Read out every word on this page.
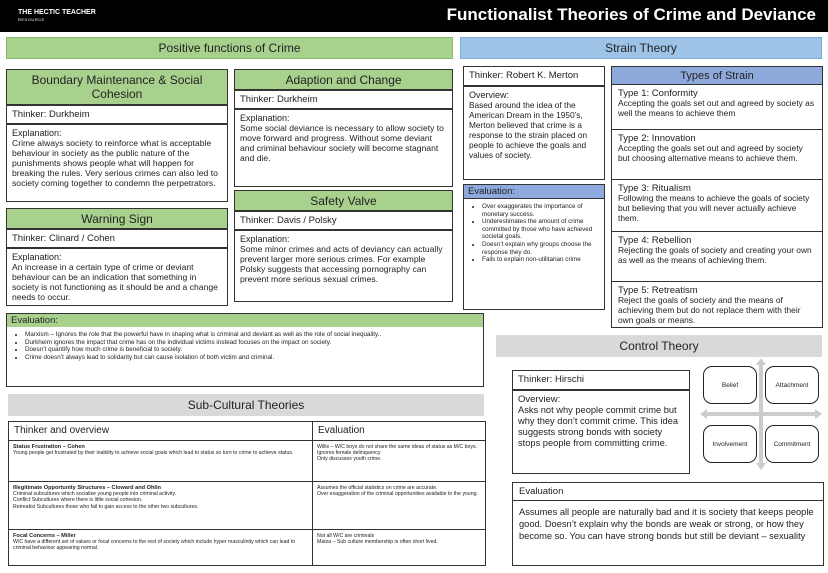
THE HECTIC TEACHER
RESOURCE	Functionalist Theories of Crime and Deviance
Positive functions of Crime
Boundary Maintenance & Social Cohesion
Thinker: Durkheim
Explanation:
Crime always society to reinforce what is acceptable behaviour in society as the public nature of the punishments shows people what will happen for breaking the rules. Very serious crimes can also led to society coming together to condemn the perpetrators.
Adaption and Change
Thinker: Durkheim
Explanation:
Some social deviance is necessary to allow society to move forward and progress. Without some deviant and criminal behaviour society will become stagnant and die.
Warning Sign
Thinker: Clinard / Cohen
Explanation:
An increase in a certain type of crime or deviant behaviour can be an indication that something in society is not functioning as it should be and a change needs to occur.
Safety Valve
Thinker: Davis / Polsky
Explanation:
Some minor crimes and acts of deviancy can actually prevent larger more serious crimes. For example Polsky suggests that accessing pornography can prevent more serious sexual crimes.
Evaluation:
• Marxism – Ignores the role that the powerful have in shaping what is criminal and deviant as well as the role of social inequality..
• Durkheim ignores the impact that crime has on the individual victims instead focuses on the impact on society.
• Doesn’t quantify how much crime is beneficial to society.
• Crime doesn’t always lead to solidarity but can cause isolation of both victim and criminal.
Strain Theory
Thinker: Robert K. Merton
Overview:
Based around the idea of the American Dream in the 1950’s, Merton believed that crime is a response to the strain placed on people to achieve the goals and values of society.
Evaluation:
• Over exaggerates the importance of monetary success.
• Underestimates the amount of crime committed by those who have achieved societal goals.
• Doesn’t explain why groups choose the response they do.
• Fails to explain non-utilitarian crime
Types of Strain
Type 1: Conformity
Accepting the goals set out and agreed by society as well the means to achieve them
Type 2: Innovation
Accepting the goals set out and agreed by society but choosing alternative means to achieve them.
Type 3: Ritualism
Following the means to achieve the goals of society but believing that you will never actually achieve them.
Type 4: Rebellion
Rejecting the goals of society and creating your own as well as the means of achieving them.
Type 5: Retreatism
Reject the goals of society and the means of achieving them but do not replace them with their own goals or means.
Control Theory
Thinker: Hirschi
Overview:
Asks not why people commit crime but why they don’t commit crime. This idea suggests strong bonds with society stops people from committing crime.
Belief	Attachment
Involvement	Commitment
Evaluation
Assumes all people are naturally bad and it is society that keeps people good. Doesn’t explain why the bonds are weak or strong, or how they become so. You can have strong bonds but still be deviant – sexuality
Sub-Cultural Theories
Thinker and overview	Evaluation
Status Frustration – Cohen
Young people get frustrated by their inability to achieve social goals which lead to status so turn to crime to achieve status.	Willis – W/C boys do not share the same ideas of status as M/C boys.
Ignores female delinquency
Only discusses youth crime.
Illegitimate Opportunity Structures – Cloward and Ohlin
Criminal subcultures which socialise young people into criminal activity.
Conflict Subcultures where there is little social cohesion.
Retreatist Subcultures those who fail to gain access to the other two subcultures.	Assumes the official statistics on crime are accurate.
Over exaggeration of the criminal opportunities available to the young.
Focal Concerns – Miller
W/C have a different set of values or focal concerns to the rest of society which include hyper masculinity which can lead to criminal behaviour appearing normal.	Not all W/C are criminals
Matza – Sub culture membership is often short lived.
